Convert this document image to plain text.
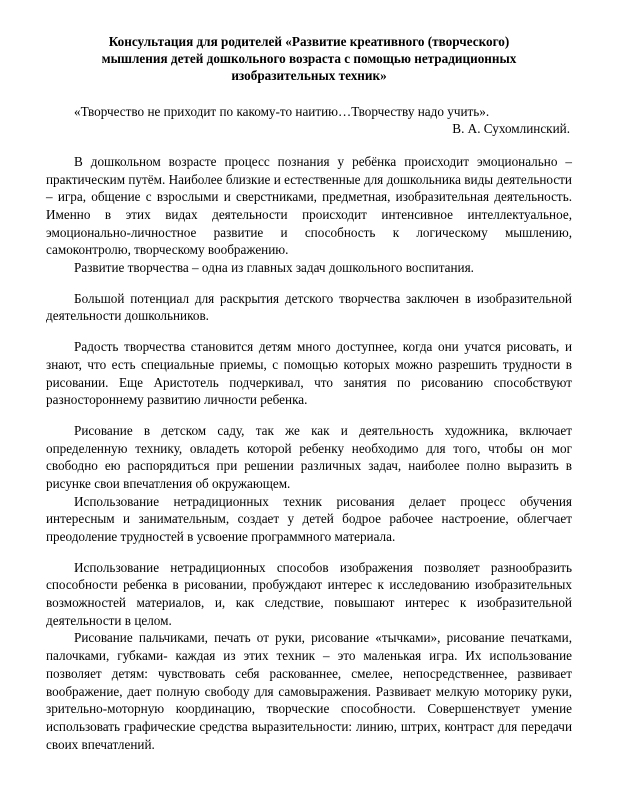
Консультация для родителей «Развитие креативного (творческого)
мышления детей дошкольного возраста с помощью нетрадиционных
изобразительных техник»
«Творчество не приходит по какому-то наитию…Творчеству надо учить».
В. А. Сухомлинский.

В дошкольном возрасте процесс познания у ребёнка происходит эмоционально – практическим путём. Наиболее близкие и естественные для дошкольника виды деятельности – игра, общение с взрослыми и сверстниками, предметная, изобразительная деятельность. Именно в этих видах деятельности происходит интенсивное интеллектуальное, эмоционально-личностное развитие и способность к логическому мышлению, самоконтролю, творческому воображению.

Развитие творчества – одна из главных задач дошкольного воспитания.

Большой потенциал для раскрытия детского творчества заключен в изобразительной деятельности дошкольников.

Радость творчества становится детям много доступнее, когда они учатся рисовать, и знают, что есть специальные приемы, с помощью которых можно разрешить трудности в рисовании. Еще Аристотель подчеркивал, что занятия по рисованию способствуют разностороннему развитию личности ребенка.

Рисование в детском саду, так же как и деятельность художника, включает определенную технику, овладеть которой ребенку необходимо для того, чтобы он мог свободно ею распорядиться при решении различных задач, наиболее полно выразить в рисунке свои впечатления об окружающем.

Использование нетрадиционных техник рисования делает процесс обучения интересным и занимательным, создает у детей бодрое рабочее настроение, облегчает преодоление трудностей в усвоение программного материала.

Использование нетрадиционных способов изображения позволяет разнообразить способности ребенка в рисовании, пробуждают интерес к исследованию изобразительных возможностей материалов, и, как следствие, повышают интерес к изобразительной деятельности в целом.

Рисование пальчиками, печать от руки, рисование «тычками», рисование печатками, палочками, губками- каждая из этих техник – это маленькая игра. Их использование позволяет детям: чувствовать себя раскованнее, смелее, непосредственнее, развивает воображение, дает полную свободу для самовыражения. Развивает мелкую моторику руки, зрительно-моторную координацию, творческие способности. Совершенствует умение использовать графические средства выразительности: линию, штрих, контраст для передачи своих впечатлений.
